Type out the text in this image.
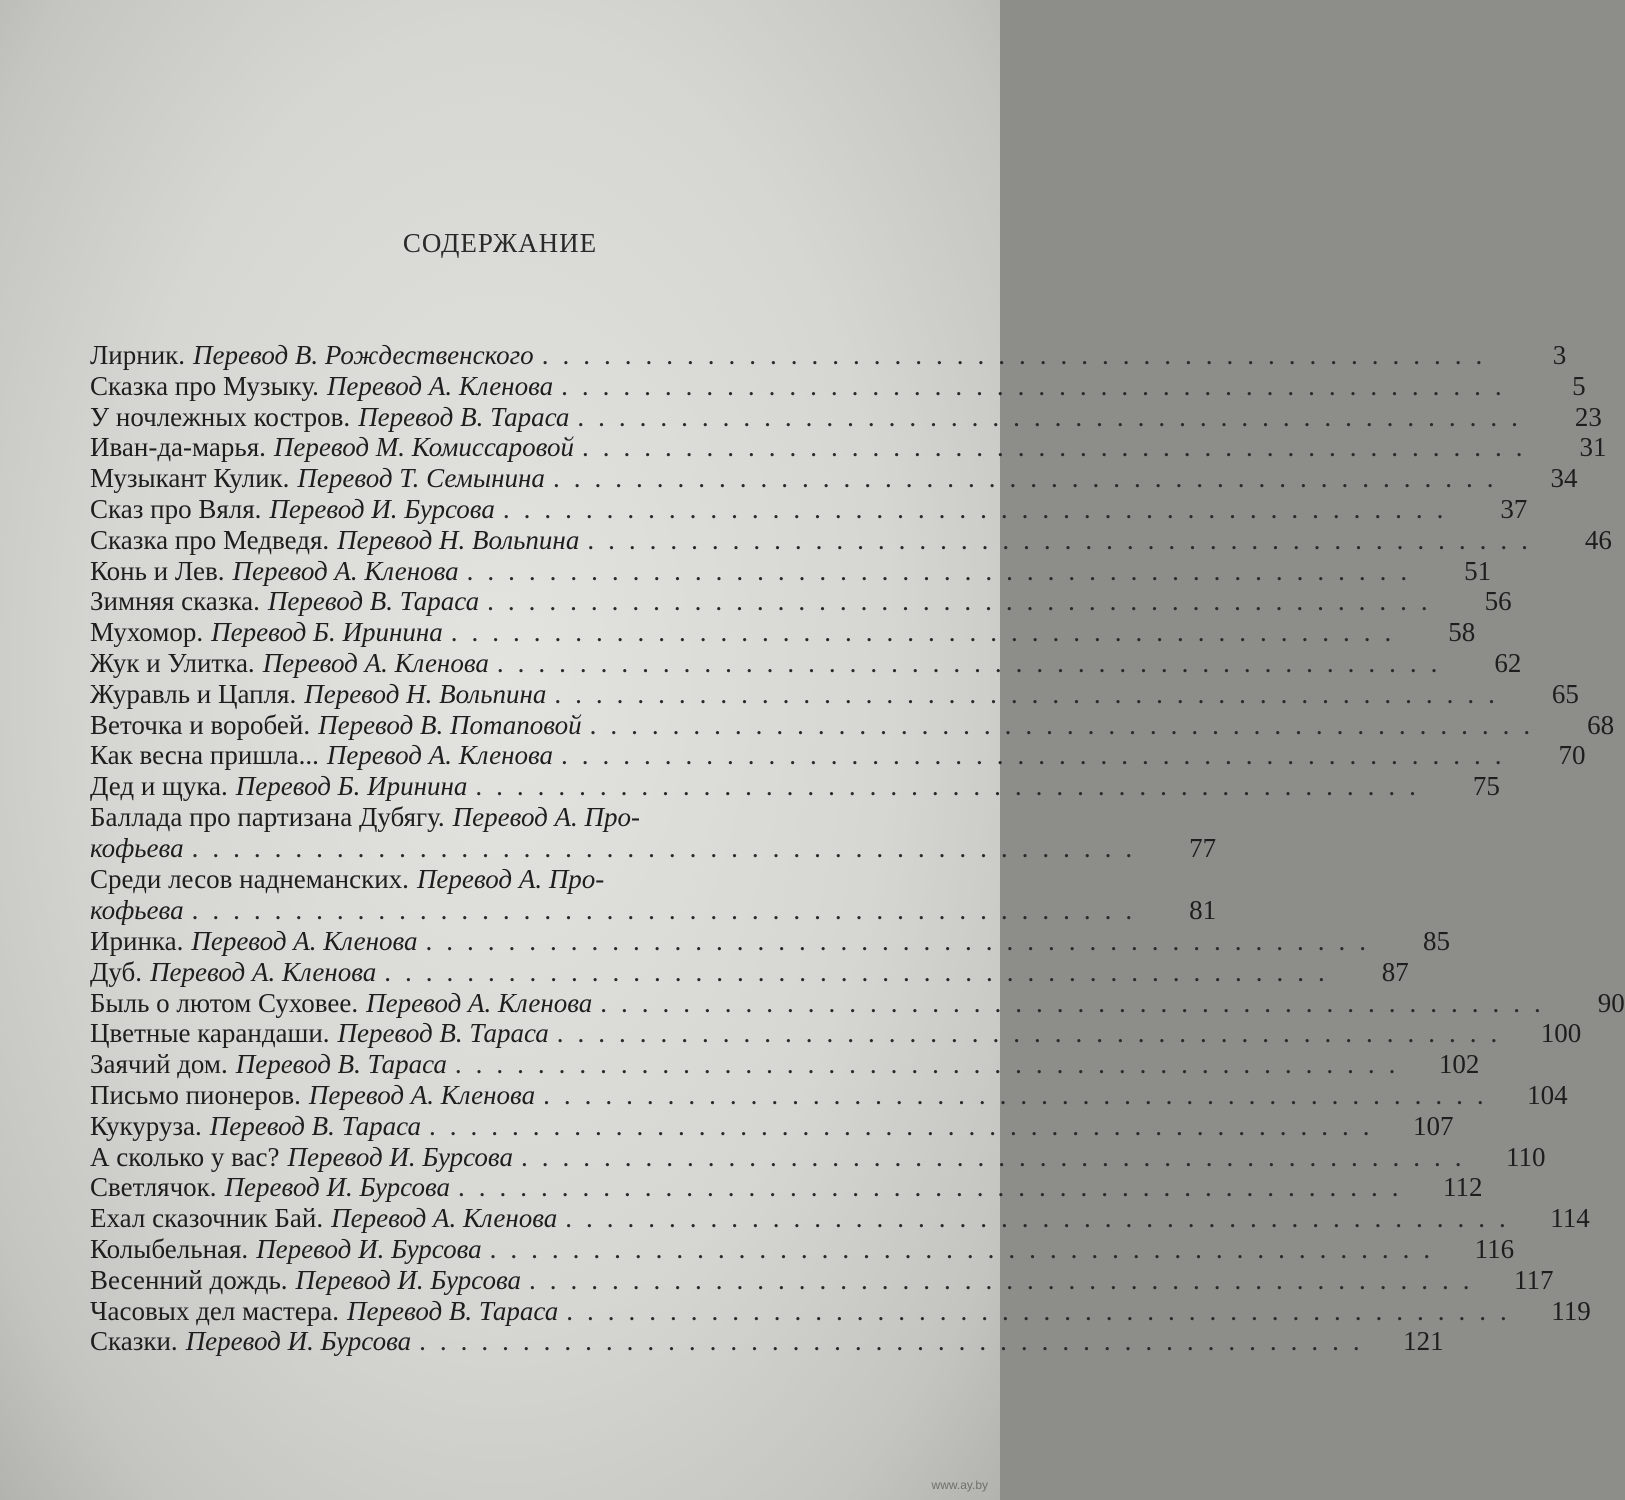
СОДЕРЖАНИЕ
Лирник. Перевод В. Рождественского ..............................................	3
Сказка про Музыку. Перевод А. Кленова ..............................................	5
У ночлежных костров. Перевод В. Тараса ..............................................	23
Иван-да-марья. Перевод М. Комиссаровой ..............................................	31
Музыкант Кулик. Перевод Т. Семынина ..............................................	34
Сказ про Вяля. Перевод И. Бурсова ..............................................	37
Сказка про Медведя. Перевод Н. Вольпина ..............................................	46
Конь и Лев. Перевод А. Кленова ..............................................	51
Зимняя сказка. Перевод В. Тараса ..............................................	56
Мухомор. Перевод Б. Иринина ..............................................	58
Жук и Улитка. Перевод А. Кленова ..............................................	62
Журавль и Цапля. Перевод Н. Вольпина ..............................................	65
Веточка и воробей. Перевод В. Потаповой ..............................................	68
Как весна пришла... Перевод А. Кленова ..............................................	70
Дед и щука. Перевод Б. Иринина ..............................................	75
Баллада про партизана Дубягу. Перевод А. Про-
кофьева ..............................................	77
Среди лесов наднеманских. Перевод А. Про-
кофьева ..............................................	81
Иринка. Перевод А. Кленова ..............................................	85
Дуб. Перевод А. Кленова ..............................................	87
Быль о лютом Суховее. Перевод А. Кленова ..............................................	90
Цветные карандаши. Перевод В. Тараса ..............................................	100
Заячий дом. Перевод В. Тараса ..............................................	102
Письмо пионеров. Перевод А. Кленова ..............................................	104
Кукуруза. Перевод В. Тараса ..............................................	107
А сколько у вас? Перевод И. Бурсова ..............................................	110
Светлячок. Перевод И. Бурсова ..............................................	112
Ехал сказочник Бай. Перевод А. Кленова ..............................................	114
Колыбельная. Перевод И. Бурсова ..............................................	116
Весенний дождь. Перевод И. Бурсова ..............................................	117
Часовых дел мастера. Перевод В. Тараса ..............................................	119
Сказки. Перевод И. Бурсова ..............................................	121
www.ay.by
